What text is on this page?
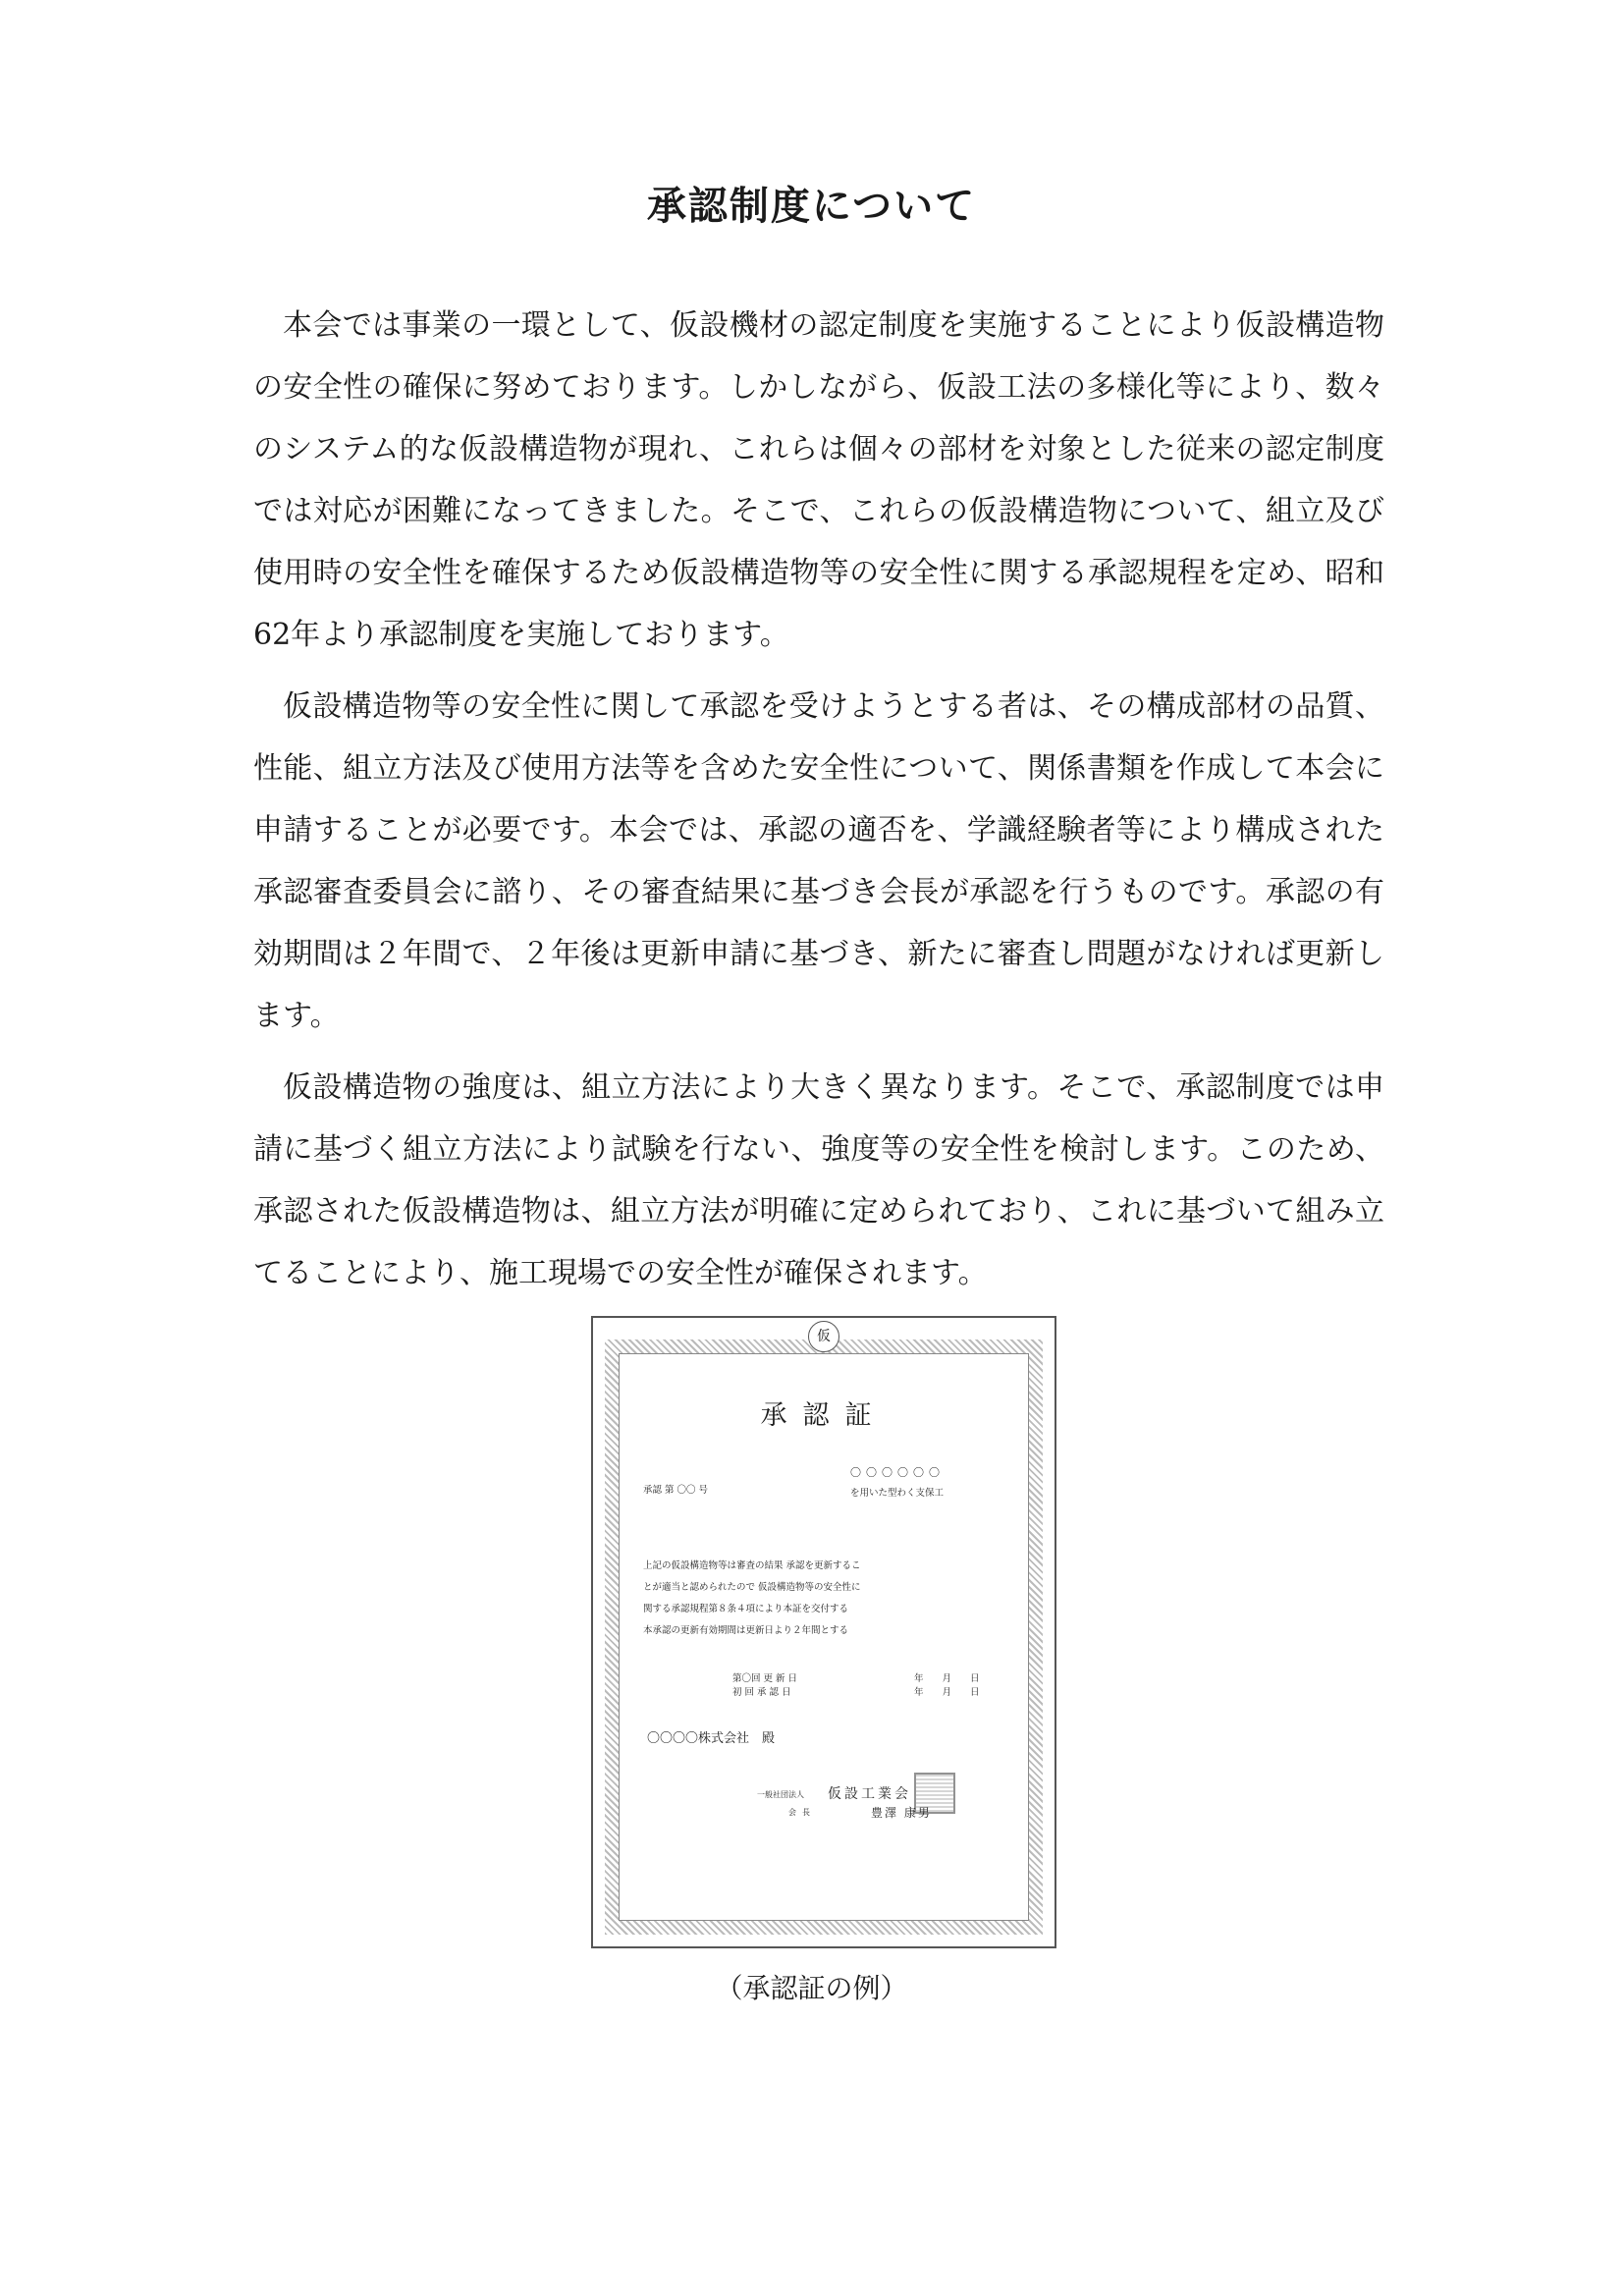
承認制度について

本会では事業の一環として、仮設機材の認定制度を実施することにより仮設構造物の安全性の確保に努めております。しかしながら、仮設工法の多様化等により、数々のシステム的な仮設構造物が現れ、これらは個々の部材を対象とした従来の認定制度では対応が困難になってきました。そこで、これらの仮設構造物について、組立及び使用時の安全性を確保するため仮設構造物等の安全性に関する承認規程を定め、昭和62年より承認制度を実施しております。

仮設構造物等の安全性に関して承認を受けようとする者は、その構成部材の品質、性能、組立方法及び使用方法等を含めた安全性について、関係書類を作成して本会に申請することが必要です。本会では、承認の適否を、学識経験者等により構成された承認審査委員会に諮り、その審査結果に基づき会長が承認を行うものです。承認の有効期間は２年間で、２年後は更新申請に基づき、新たに審査し問題がなければ更新します。

仮設構造物の強度は、組立方法により大きく異なります。そこで、承認制度では申請に基づく組立方法により試験を行ない、強度等の安全性を検討します。このため、承認された仮設構造物は、組立方法が明確に定められており、これに基づいて組み立てることにより、施工現場での安全性が確保されます。

仮
承認証
承認 第 〇〇 号
〇〇〇〇〇〇
を用いた型わく支保工
上記の仮設構造物等は審査の結果 承認を更新するこ
とが適当と認められたので 仮設構造物等の安全性に
関する承認規程第８条４項により本証を交付する
本承認の更新有効期間は更新日より２年間とする
第〇回 更 新 日	年 月 日
初 回 承 認 日	年 月 日
〇〇〇〇株式会社　殿
一般社団法人 仮設工業会
会長	豊澤 康男
（承認証の例）
